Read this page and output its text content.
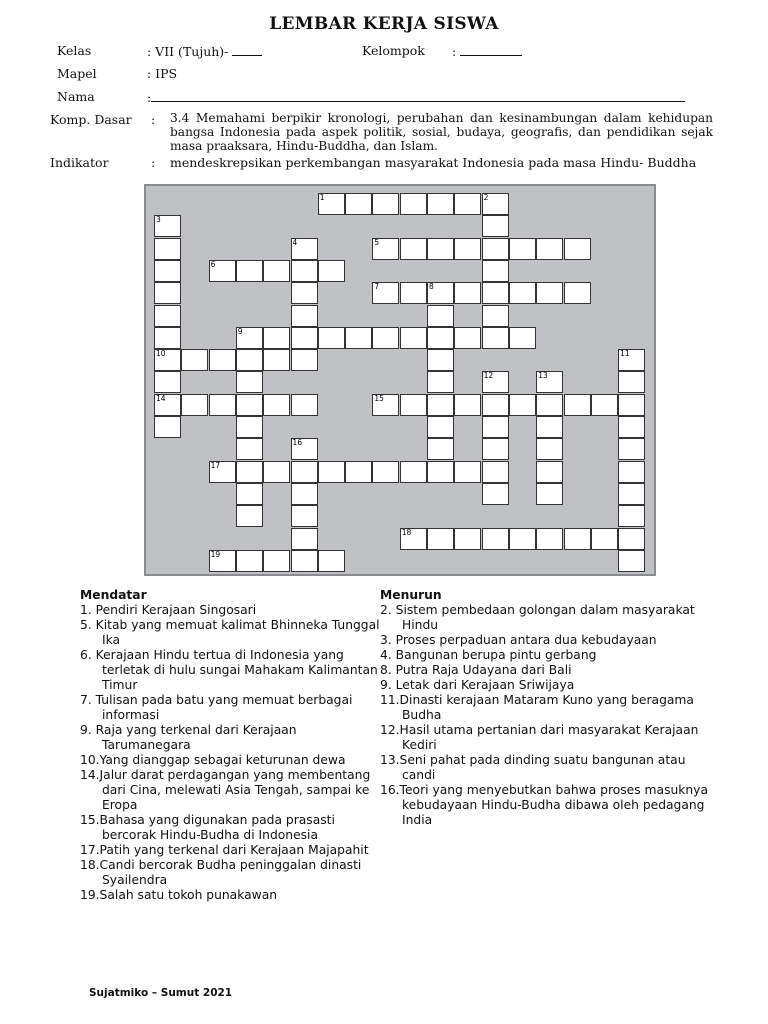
LEMBAR KERJA SISWA
Kelas	: VII (Tujuh)-	Kelompok :
Mapel	: IPS
Nama	:
Komp. Dasar : 3.4 Memahami berpikir kronologi, perubahan dan kesinambungan dalam kehidupan bangsa Indonesia pada aspek politik, sosial, budaya, geografis, dan pendidikan sejak masa praaksara, Hindu-Buddha, dan Islam.
Indikator	: mendeskrepsikan perkembangan masyarakat Indonesia pada masa Hindu- Buddha
1	2
3
4	5
6
7	8
9
10	11
12	13
14	15
16
17
18
19
Mendatar
1. Pendiri Kerajaan Singosari
5. Kitab yang memuat kalimat Bhinneka Tunggal Ika
6. Kerajaan Hindu tertua di Indonesia yang terletak di hulu sungai Mahakam Kalimantan Timur
7. Tulisan pada batu yang memuat berbagai informasi
9. Raja yang terkenal dari Kerajaan Tarumanegara
10.Yang dianggap sebagai keturunan dewa
14.Jalur darat perdagangan yang membentang dari Cina, melewati Asia Tengah, sampai ke Eropa
15.Bahasa yang digunakan pada prasasti bercorak Hindu-Budha di Indonesia
17.Patih yang terkenal dari Kerajaan Majapahit
18.Candi bercorak Budha peninggalan dinasti Syailendra
19.Salah satu tokoh punakawan
Menurun
2. Sistem pembedaan golongan dalam masyarakat Hindu
3. Proses perpaduan antara dua kebudayaan
4. Bangunan berupa pintu gerbang
8. Putra Raja Udayana dari Bali
9. Letak dari Kerajaan Sriwijaya
11.Dinasti kerajaan Mataram Kuno yang beragama Budha
12.Hasil utama pertanian dari masyarakat Kerajaan Kediri
13.Seni pahat pada dinding suatu bangunan atau candi
16.Teori yang menyebutkan bahwa proses masuknya kebudayaan Hindu-Budha dibawa oleh pedagang India
Sujatmiko – Sumut 2021
